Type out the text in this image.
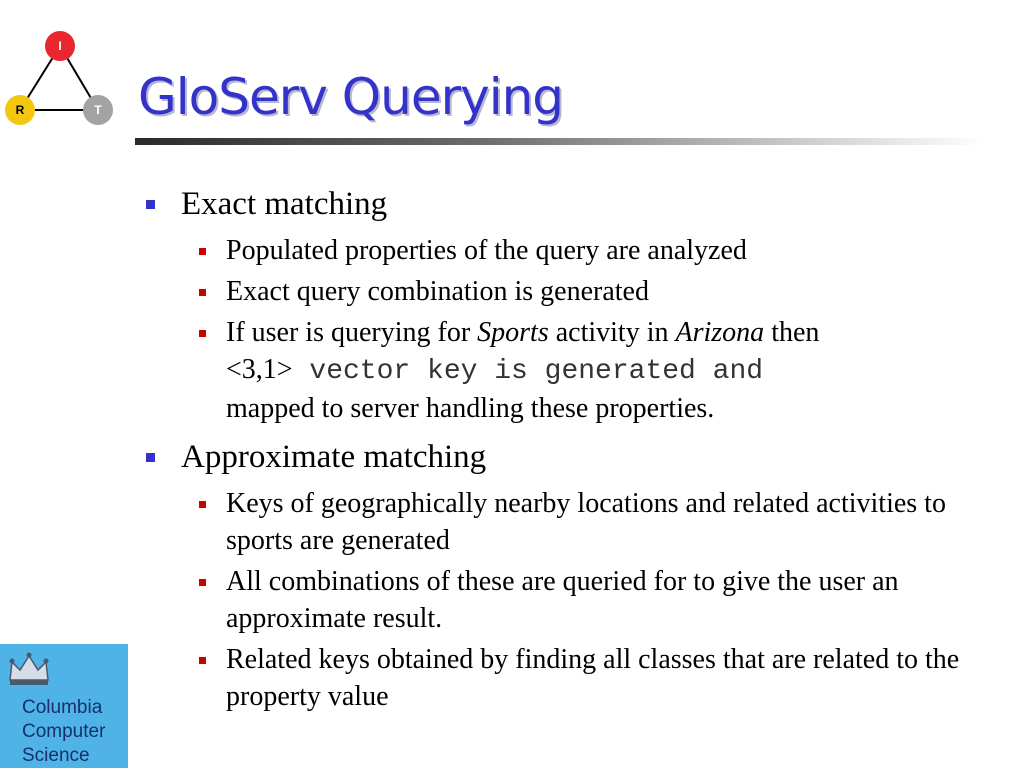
I
R	T GloServ Querying
Exact matching
Populated properties of the query are analyzed
Exact query combination is generated
If user is querying for Sports activity in Arizona then
<3,1> vector key is generated and
mapped to server handling these properties.
Approximate matching
Keys of geographically nearby locations and related activities to sports are generated
All combinations of these are queried for to give the user an approximate result.
Related keys obtained by finding all classes that are related to the property value
Columbia
Computer
Science
